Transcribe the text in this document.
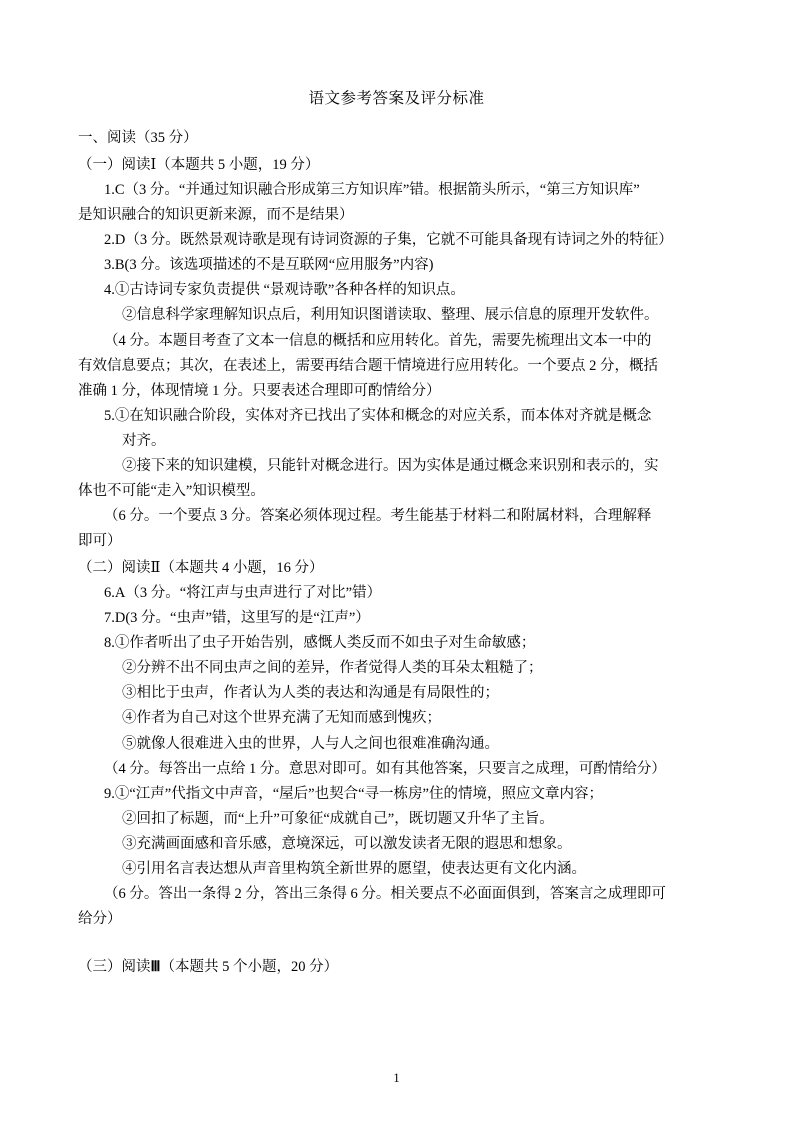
语文参考答案及评分标准

一、阅读（35 分）

（一）阅读Ⅰ（本题共 5 小题，19 分）

1.C（3 分。“并通过知识融合形成第三方知识库”错。根据箭头所示，“第三方知识库”

是知识融合的知识更新来源，而不是结果）

2.D（3 分。既然景观诗歌是现有诗词资源的子集，它就不可能具备现有诗词之外的特征）

3.B(3 分。该选项描述的不是互联网“应用服务”内容)

4.①古诗词专家负责提供 “景观诗歌”各种各样的知识点。

②信息科学家理解知识点后，利用知识图谱读取、整理、展示信息的原理开发软件。

（4 分。本题目考查了文本一信息的概括和应用转化。首先，需要先梳理出文本一中的

有效信息要点；其次，在表述上，需要再结合题干情境进行应用转化。一个要点 2 分，概括

准确 1 分，体现情境 1 分。只要表述合理即可酌情给分）

5.①在知识融合阶段，实体对齐已找出了实体和概念的对应关系，而本体对齐就是概念

对齐。

②接下来的知识建模，只能针对概念进行。因为实体是通过概念来识别和表示的，实

体也不可能“走入”知识模型。

（6 分。一个要点 3 分。答案必须体现过程。考生能基于材料二和附属材料，合理解释

即可）

（二）阅读Ⅱ（本题共 4 小题，16 分）

6.A（3 分。“将江声与虫声进行了对比”错）

7.D(3 分。“虫声”错，这里写的是“江声”）

8.①作者听出了虫子开始告别，感慨人类反而不如虫子对生命敏感；

②分辨不出不同虫声之间的差异，作者觉得人类的耳朵太粗糙了；

③相比于虫声，作者认为人类的表达和沟通是有局限性的；

④作者为自己对这个世界充满了无知而感到愧疚；

⑤就像人很难进入虫的世界，人与人之间也很难准确沟通。

（4 分。每答出一点给 1 分。意思对即可。如有其他答案，只要言之成理，可酌情给分）

9.①“江声”代指文中声音，“屋后”也契合“寻一栋房”住的情境，照应文章内容；

②回扣了标题，而“上升”可象征“成就自己”，既切题又升华了主旨。

③充满画面感和音乐感，意境深远，可以激发读者无限的遐思和想象。

④引用名言表达想从声音里构筑全新世界的愿望，使表达更有文化内涵。

（6 分。答出一条得 2 分，答出三条得 6 分。相关要点不必面面俱到，答案言之成理即可

给分）

（三）阅读Ⅲ（本题共 5 个小题，20 分）

1
